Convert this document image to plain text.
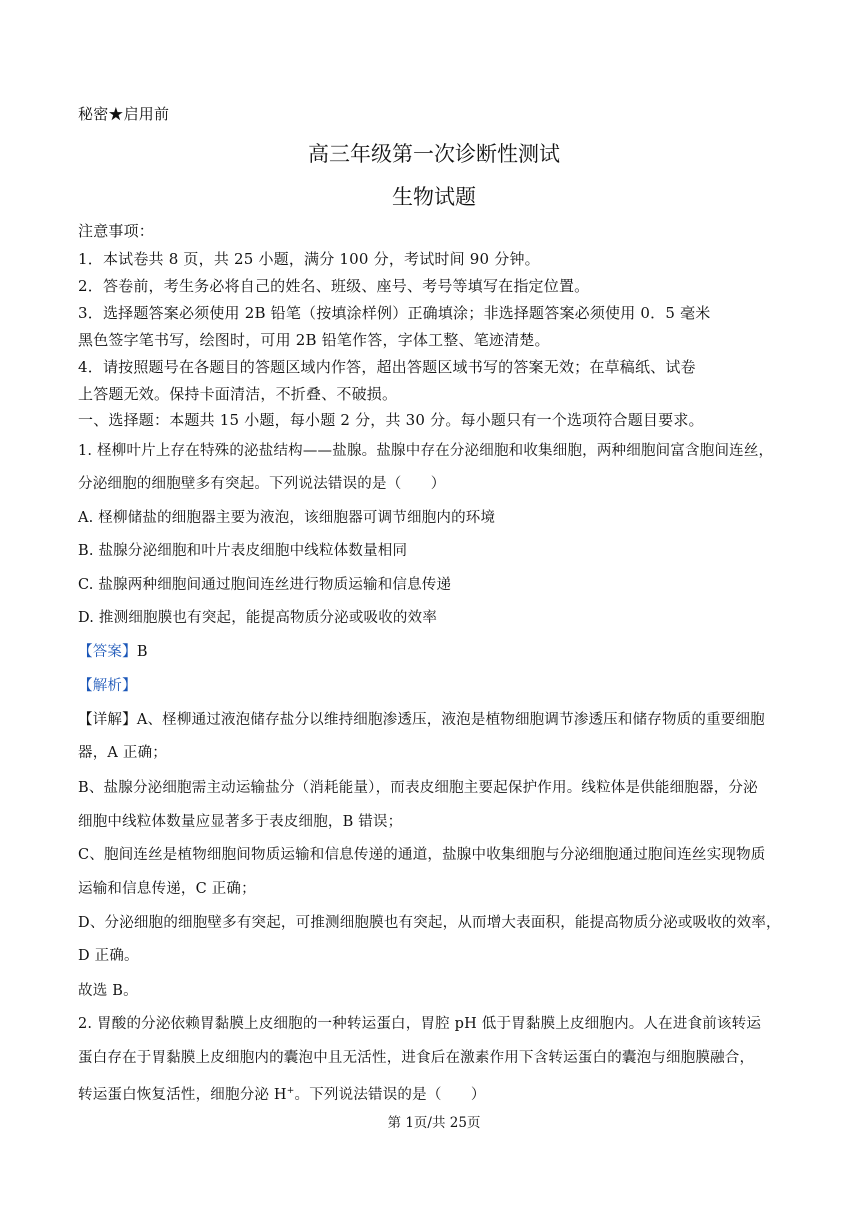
秘密★启用前
高三年级第一次诊断性测试
生物试题
注意事项：
1．本试卷共 8 页，共 25 小题，满分 100 分，考试时间 90 分钟。
2．答卷前，考生务必将自己的姓名、班级、座号、考号等填写在指定位置。
3．选择题答案必须使用 2B 铅笔（按填涂样例）正确填涂；非选择题答案必须使用 0．5 毫米
黑色签字笔书写，绘图时，可用 2B 铅笔作答，字体工整、笔迹清楚。
4．请按照题号在各题目的答题区域内作答，超出答题区域书写的答案无效；在草稿纸、试卷
上答题无效。保持卡面清洁，不折叠、不破损。
一、选择题：本题共 15 小题，每小题 2 分，共 30 分。每小题只有一个选项符合题目要求。
1. 柽柳叶片上存在特殊的泌盐结构——盐腺。盐腺中存在分泌细胞和收集细胞，两种细胞间富含胞间连丝，
分泌细胞的细胞壁多有突起。下列说法错误的是（　　）
A. 柽柳储盐的细胞器主要为液泡，该细胞器可调节细胞内的环境
B. 盐腺分泌细胞和叶片表皮细胞中线粒体数量相同
C. 盐腺两种细胞间通过胞间连丝进行物质运输和信息传递
D. 推测细胞膜也有突起，能提高物质分泌或吸收的效率
【答案】B
【解析】
【详解】A、柽柳通过液泡储存盐分以维持细胞渗透压，液泡是植物细胞调节渗透压和储存物质的重要细胞
器，A 正确；
B、盐腺分泌细胞需主动运输盐分（消耗能量），而表皮细胞主要起保护作用。线粒体是供能细胞器，分泌
细胞中线粒体数量应显著多于表皮细胞，B 错误；
C、胞间连丝是植物细胞间物质运输和信息传递的通道，盐腺中收集细胞与分泌细胞通过胞间连丝实现物质
运输和信息传递，C 正确；
D、分泌细胞的细胞壁多有突起，可推测细胞膜也有突起，从而增大表面积，能提高物质分泌或吸收的效率，
D 正确。
故选 B。
2. 胃酸的分泌依赖胃黏膜上皮细胞的一种转运蛋白，胃腔 pH 低于胃黏膜上皮细胞内。人在进食前该转运
蛋白存在于胃黏膜上皮细胞内的囊泡中且无活性，进食后在激素作用下含转运蛋白的囊泡与细胞膜融合，
转运蛋白恢复活性，细胞分泌 H+。下列说法错误的是（　　）
第 1页/共 25页
